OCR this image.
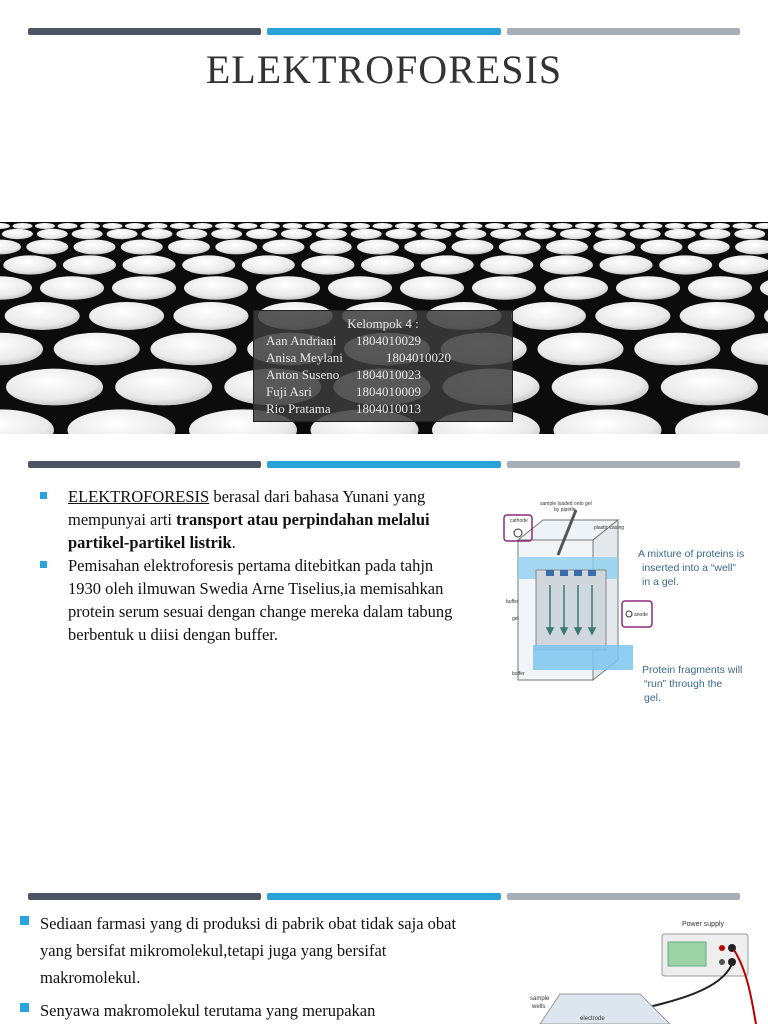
ELEKTROFORESIS
Kelompok 4 :
Aan Andriani	1804010029
Anisa Meylani	1804010020
Anton Suseno	1804010023
Fuji Asri	1804010009
Rio Pratama	1804010013
ELEKTROFORESIS berasal dari bahasa Yunani yang mempunyai arti transport atau perpindahan melalui partikel-partikel listrik.
Pemisahan elektroforesis pertama ditebitkan pada tahjn 1930 oleh ilmuwan Swedia Arne Tiselius,ia memisahkan protein serum sesuai dengan change mereka dalam tabung berbentuk u diisi dengan buffer.
cathode
sample loaded onto gel
by pipette
plastic casing
buffer
gel
buffer
anode
A mixture of proteins is
inserted into a “well”
in a gel.
Protein fragments will
“run” through the
gel.
Sediaan farmasi yang di produksi di pabrik obat tidak saja obat yang bersifat mikromolekul,tetapi juga yang bersifat makromolekul.
Senyawa makromolekul terutama yang merupakan
Power supply
sample
wells
electrode
